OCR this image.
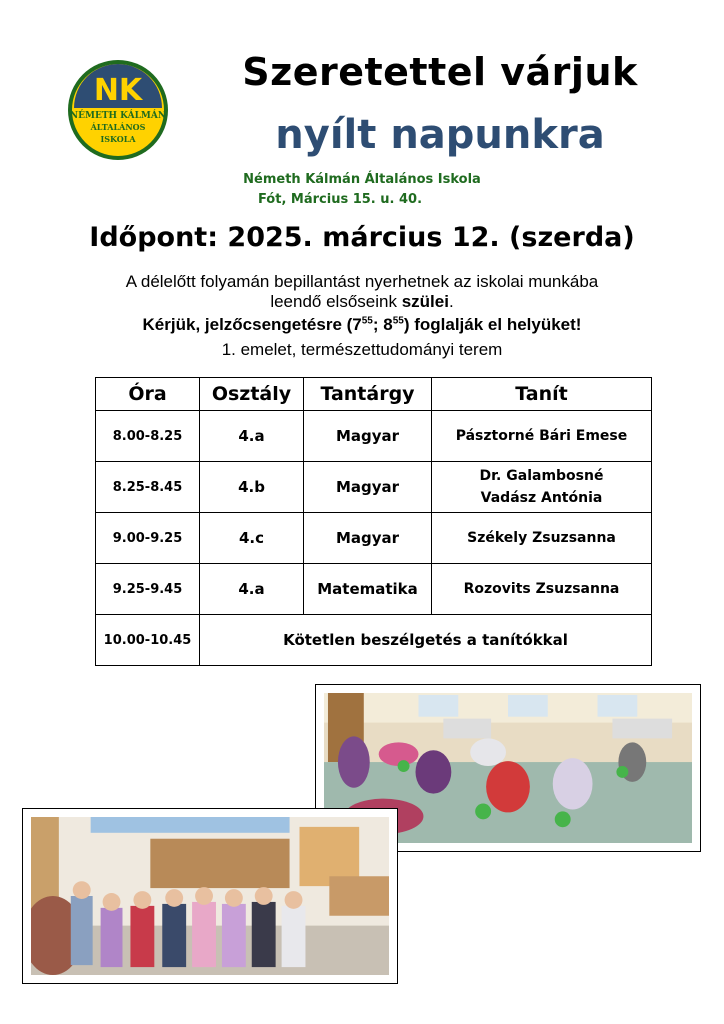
NK
NÉMETH KÁLMÁN
ÁLTALÁNOS
ISKOLA
Szeretettel várjuk
nyílt napunkra
Németh Kálmán Általános Iskola
Fót, Március 15. u. 40.
Időpont: 2025. március 12. (szerda)
A délelőtt folyamán bepillantást nyerhetnek az iskolai munkába
leendő elsőseink szülei.
Kérjük, jelzőcsengetésre ($7^{55}$; $8^{55}$) foglalják el helyüket!
1. emelet, természettudományi terem
Óra	Osztály	Tantárgy	Tanít
8.00-8.25	4.a	Magyar	Pásztorné Bári Emese
8.25-8.45	4.b	Magyar	Dr. Galambosné
Vadász Antónia
9.00-9.25	4.c	Magyar	Székely Zsuzsanna
9.25-9.45	4.a	Matematika	Rozovits Zsuzsanna
10.00-10.45	Kötetlen beszélgetés a tanítókkal		
